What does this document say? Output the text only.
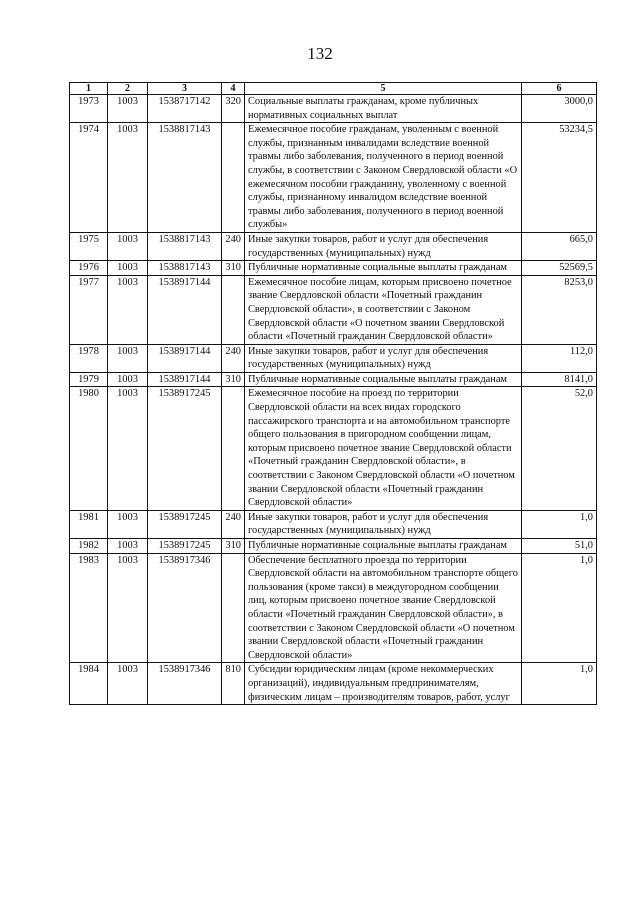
132
1	2	3	4	5	6
1973	1003	1538717142	320	Социальные выплаты гражданам, кроме публичных нормативных социальных выплат	3000,0
1974	1003	1538817143		Ежемесячное пособие гражданам, уволенным с военной службы, признанным инвалидами вследствие военной травмы либо заболевания, полученного в период военной службы, в соответствии с Законом Свердловской области «О ежемесячном пособии гражданину, уволенному с военной службы, признанному инвалидом вследствие военной травмы либо заболевания, полученного в период военной службы»	53234,5
1975	1003	1538817143	240	Иные закупки товаров, работ и услуг для обеспечения государственных (муниципальных) нужд	665,0
1976	1003	1538817143	310	Публичные нормативные социальные выплаты гражданам	52569,5
1977	1003	1538917144		Ежемесячное пособие лицам, которым присвоено почетное звание Свердловской области «Почетный гражданин Свердловской области», в соответствии с Законом Свердловской области «О почетном звании Свердловской области «Почетный гражданин Свердловской области»	8253,0
1978	1003	1538917144	240	Иные закупки товаров, работ и услуг для обеспечения государственных (муниципальных) нужд	112,0
1979	1003	1538917144	310	Публичные нормативные социальные выплаты гражданам	8141,0
1980	1003	1538917245		Ежемесячное пособие на проезд по территории Свердловской области на всех видах городского пассажирского транспорта и на автомобильном транспорте общего пользования в пригородном сообщении лицам, которым присвоено почетное звание Свердловской области «Почетный гражданин Свердловской области», в соответствии с Законом Свердловской области «О почетном звании Свердловской области «Почетный гражданин Свердловской области»	52,0
1981	1003	1538917245	240	Иные закупки товаров, работ и услуг для обеспечения государственных (муниципальных) нужд	1,0
1982	1003	1538917245	310	Публичные нормативные социальные выплаты гражданам	51,0
1983	1003	1538917346		Обеспечение бесплатного проезда по территории Свердловской области на автомобильном транспорте общего пользования (кроме такси) в междугородном сообщении лиц, которым присвоено почетное звание Свердловской области «Почетный гражданин Свердловской области», в соответствии с Законом Свердловской области «О почетном звании Свердловской области «Почетный гражданин Свердловской области»	1,0
1984	1003	1538917346	810	Субсидии юридическим лицам (кроме некоммерческих организаций), индивидуальным предпринимателям, физическим лицам – производителям товаров, работ, услуг	1,0
